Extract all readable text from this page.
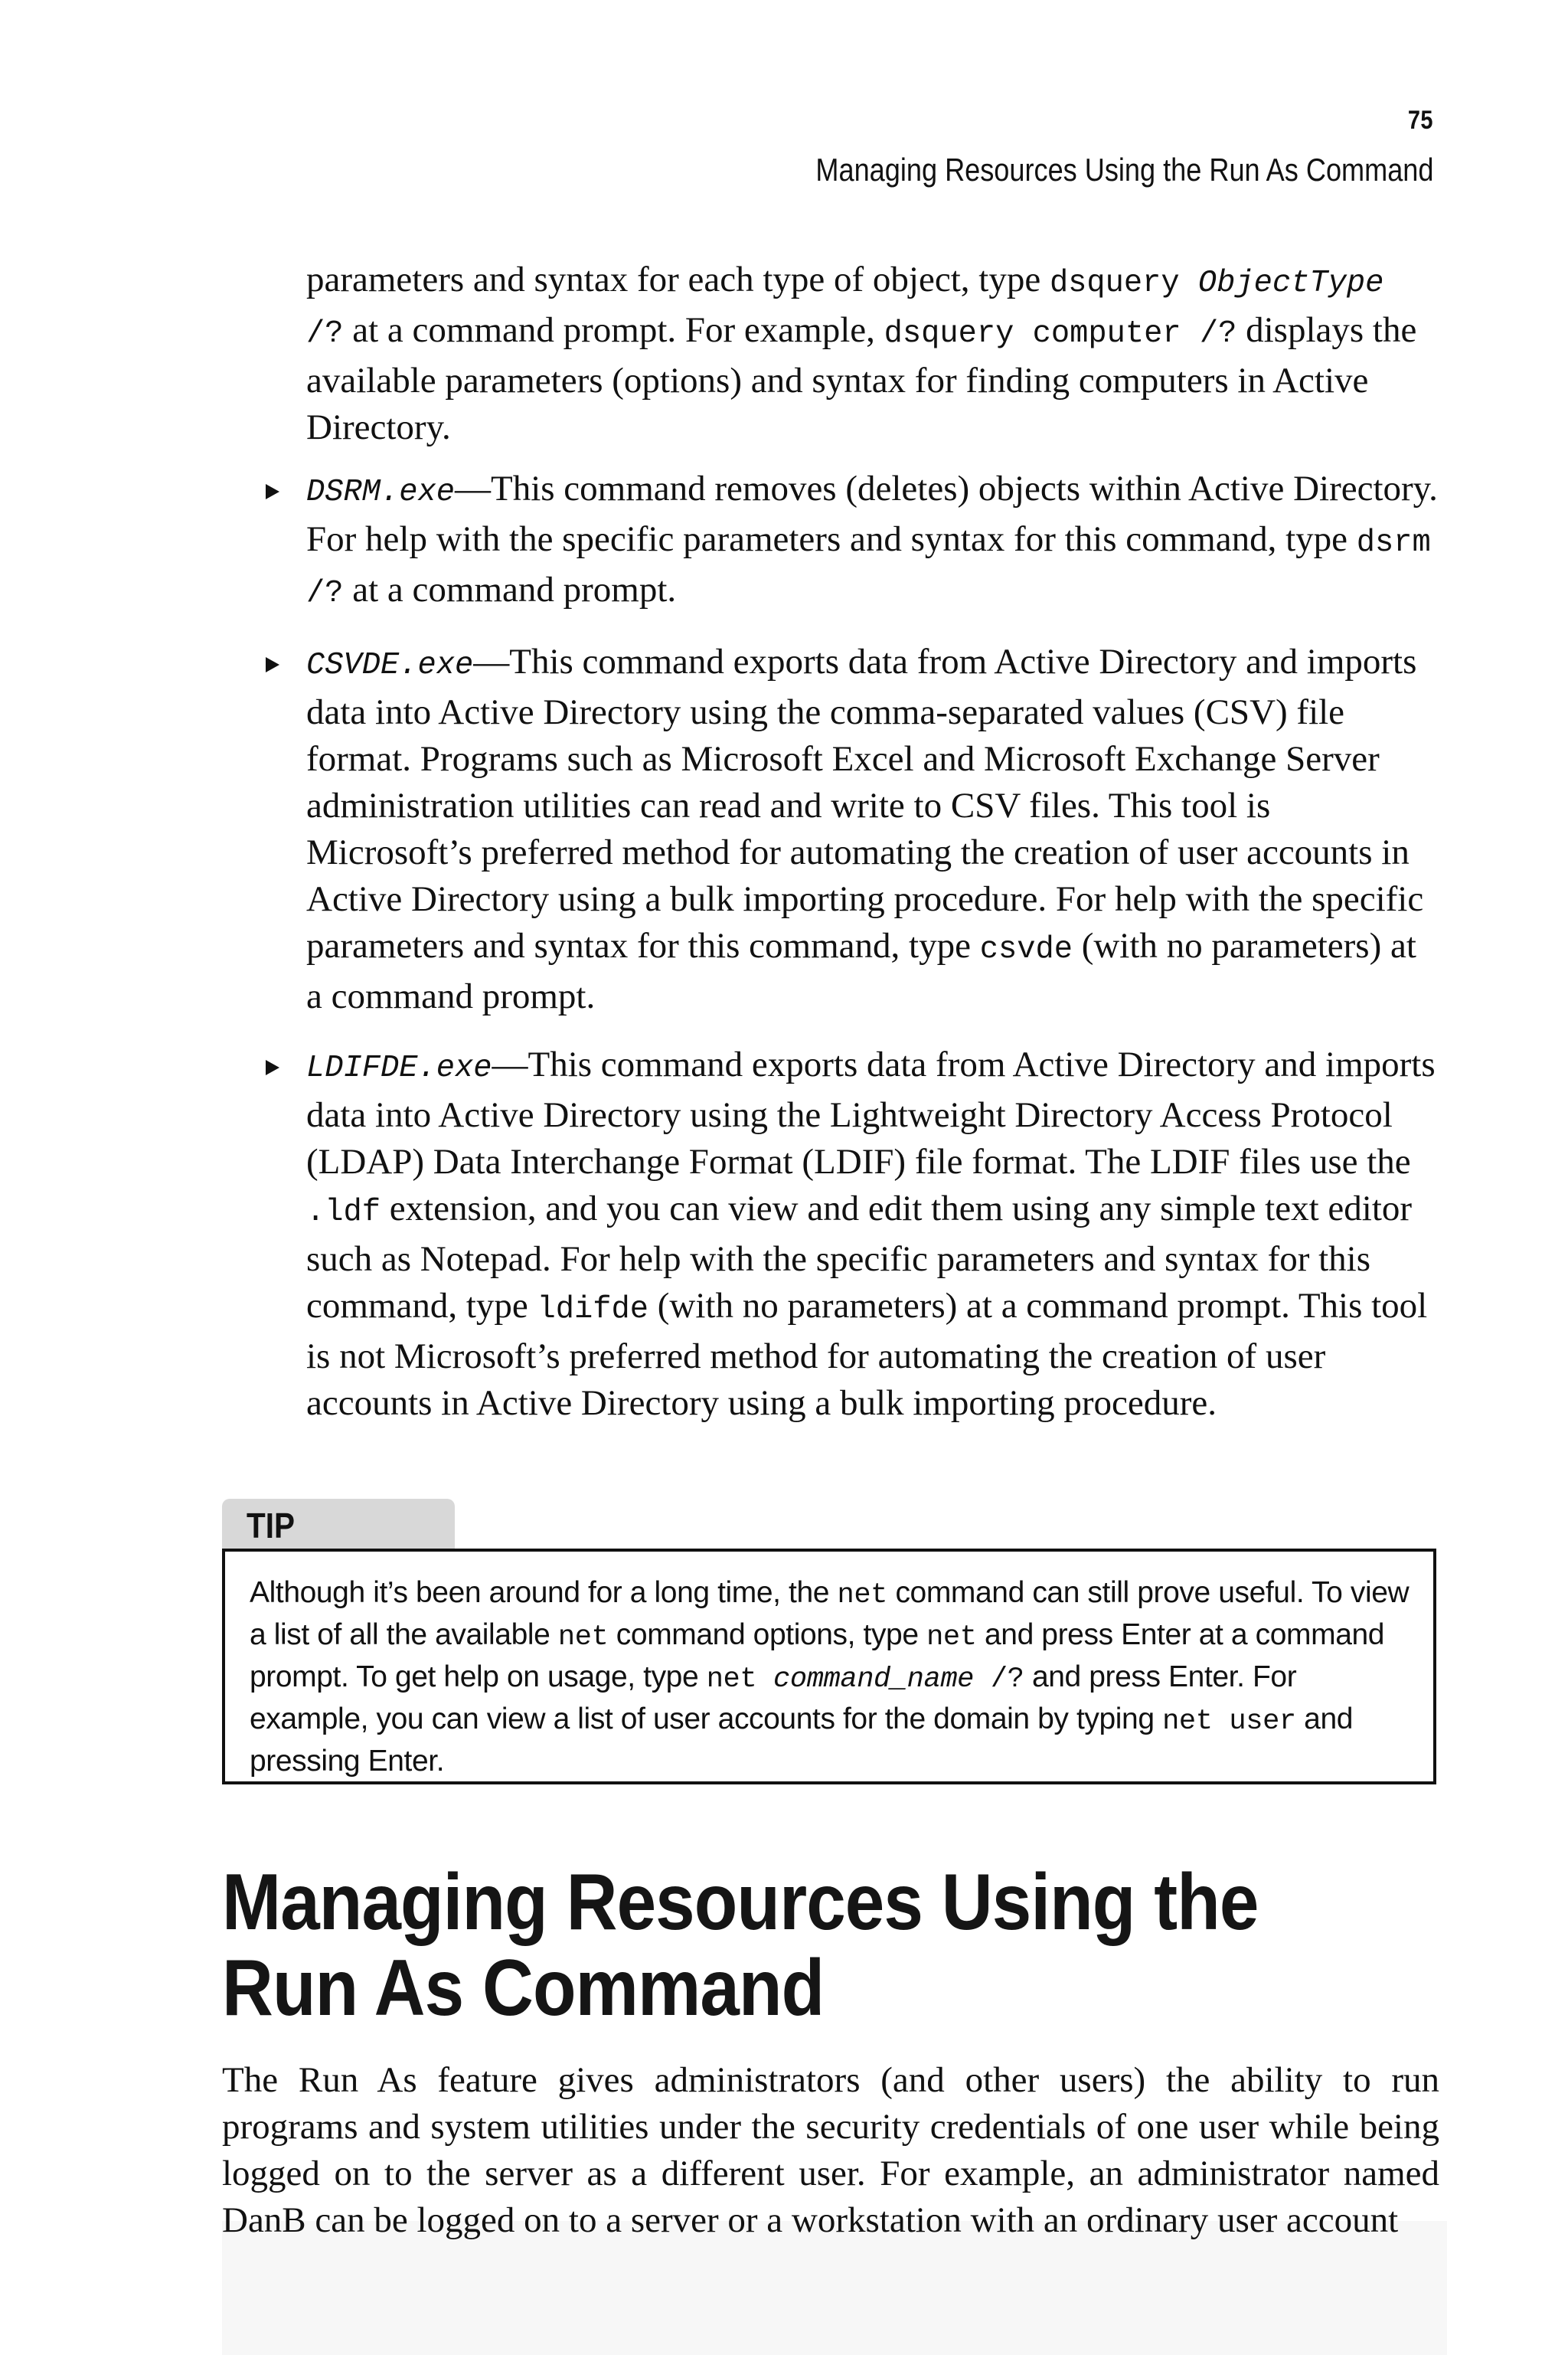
75
Managing Resources Using the Run As Command
parameters and syntax for each type of object, type dsquery ObjectType
/? at a command prompt. For example, dsquery computer /? displays the available parameters (options) and syntax for finding computers in Active Directory.
DSRM.exe—This command removes (deletes) objects within Active Directory. For help with the specific parameters and syntax for this command, type dsrm /? at a command prompt.
CSVDE.exe—This command exports data from Active Directory and imports data into Active Directory using the comma-separated values (CSV) file format. Programs such as Microsoft Excel and Microsoft Exchange Server administration utilities can read and write to CSV files. This tool is Microsoft’s preferred method for automating the creation of user accounts in Active Directory using a bulk importing procedure. For help with the specific parameters and syntax for this command, type csvde (with no parameters) at a command prompt.
LDIFDE.exe—This command exports data from Active Directory and imports data into Active Directory using the Lightweight Directory Access Protocol (LDAP) Data Interchange Format (LDIF) file format. The LDIF files use the .ldf extension, and you can view and edit them using any simple text editor such as Notepad. For help with the specific parameters and syntax for this command, type ldifde (with no parameters) at a command prompt. This tool is not Microsoft’s preferred method for automating the creation of user accounts in Active Directory using a bulk importing procedure.
TIP
Although it’s been around for a long time, the net command can still prove useful. To view a list of all the available net command options, type net and press Enter at a command prompt. To get help on usage, type net command_name /? and press Enter. For example, you can view a list of user accounts for the domain by typing net user and pressing Enter.
Managing Resources Using the Run As Command
The Run As feature gives administrators (and other users) the ability to run programs and system utilities under the security credentials of one user while being logged on to the server as a different user. For example, an administrator named DanB can be logged on to a server or a workstation with an ordinary user account
